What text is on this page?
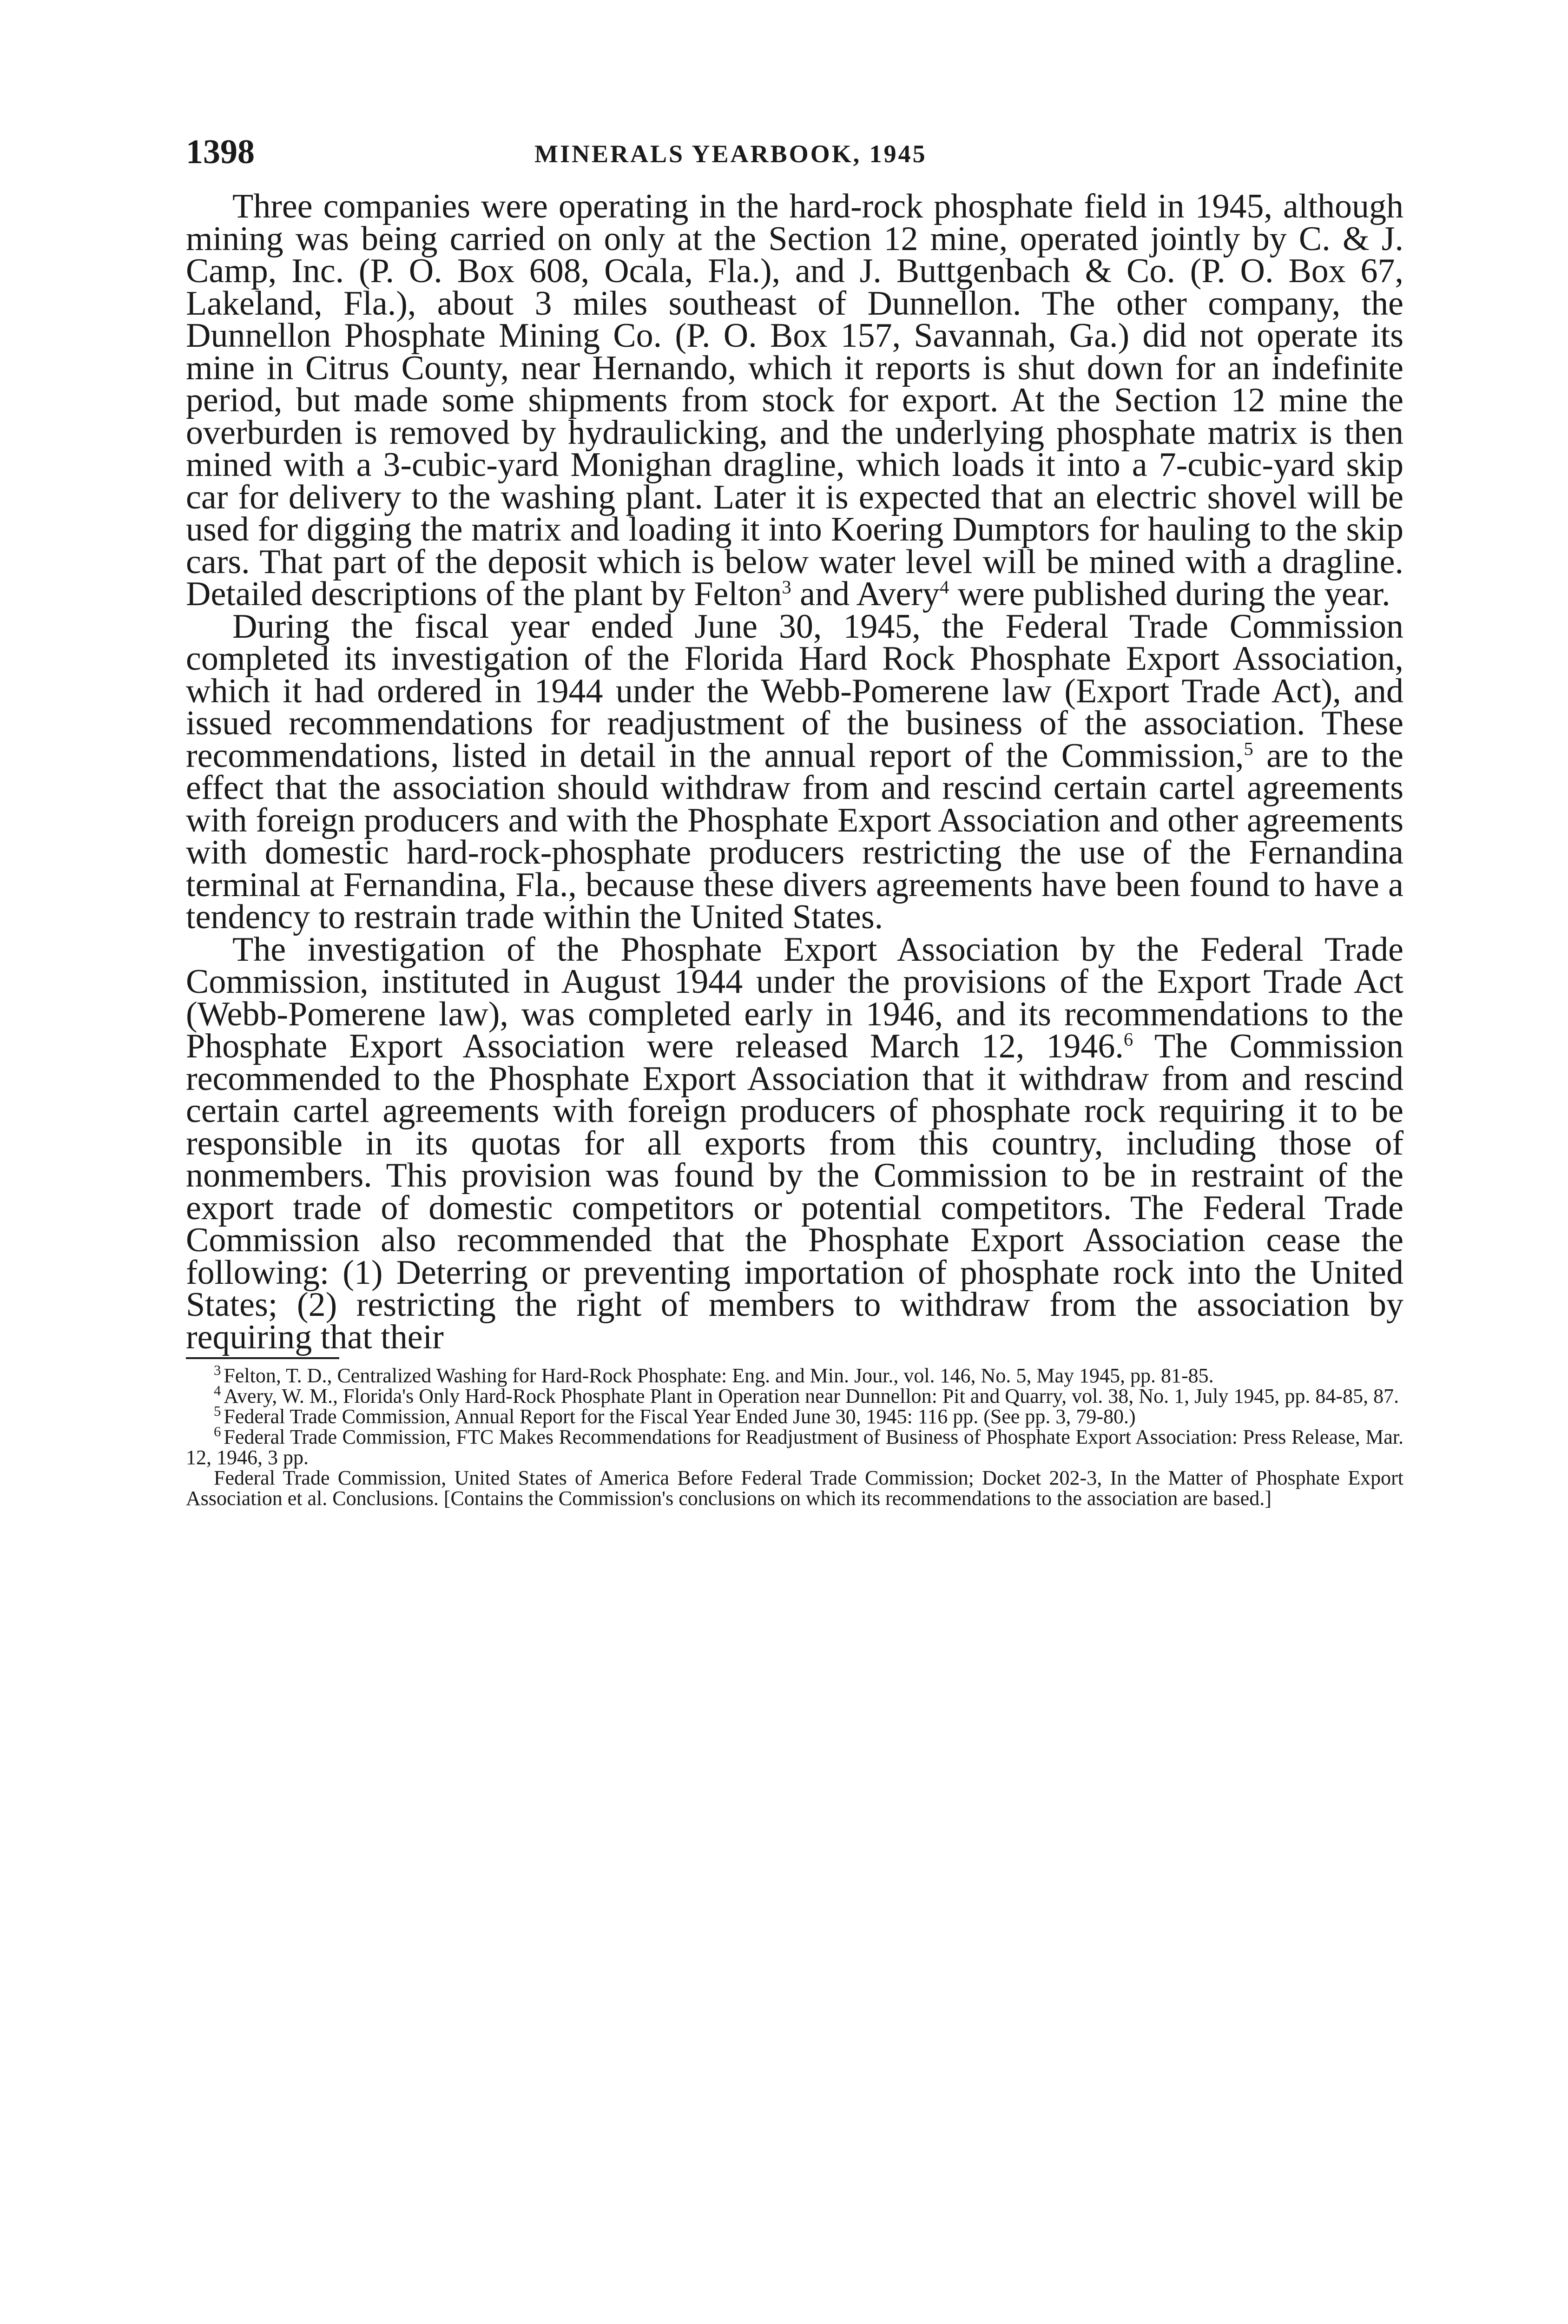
1398	MINERALS YEARBOOK, 1945

Three companies were operating in the hard-rock phosphate field in 1945, although mining was being carried on only at the Section 12 mine, operated jointly by C. & J. Camp, Inc. (P. O. Box 608, Ocala, Fla.), and J. Buttgenbach & Co. (P. O. Box 67, Lakeland, Fla.), about 3 miles southeast of Dunnellon. The other company, the Dunnellon Phosphate Mining Co. (P. O. Box 157, Savannah, Ga.) did not operate its mine in Citrus County, near Hernando, which it reports is shut down for an indefinite period, but made some shipments from stock for export. At the Section 12 mine the overburden is removed by hydraulicking, and the underlying phosphate matrix is then mined with a 3-cubic-yard Monighan dragline, which loads it into a 7-cubic-yard skip car for delivery to the washing plant. Later it is expected that an electric shovel will be used for digging the matrix and loading it into Koering Dumptors for hauling to the skip cars. That part of the deposit which is below water level will be mined with a dragline. Detailed descriptions of the plant by Felton$^3$ and Avery$^4$ were published during the year.

During the fiscal year ended June 30, 1945, the Federal Trade Commission completed its investigation of the Florida Hard Rock Phosphate Export Association, which it had ordered in 1944 under the Webb-Pomerene law (Export Trade Act), and issued recommendations for readjustment of the business of the association. These recommendations, listed in detail in the annual report of the Commission,$^5$ are to the effect that the association should withdraw from and rescind certain cartel agreements with foreign producers and with the Phosphate Export Association and other agreements with domestic hard-rock-phosphate producers restricting the use of the Fernandina terminal at Fernandina, Fla., because these divers agreements have been found to have a tendency to restrain trade within the United States.

The investigation of the Phosphate Export Association by the Federal Trade Commission, instituted in August 1944 under the provisions of the Export Trade Act (Webb-Pomerene law), was completed early in 1946, and its recommendations to the Phosphate Export Association were released March 12, 1946.$^6$ The Commission recommended to the Phosphate Export Association that it withdraw from and rescind certain cartel agreements with foreign producers of phosphate rock requiring it to be responsible in its quotas for all exports from this country, including those of nonmembers. This provision was found by the Commission to be in restraint of the export trade of domestic competitors or potential competitors. The Federal Trade Commission also recommended that the Phosphate Export Association cease the following: (1) Deterring or preventing importation of phosphate rock into the United States; (2) restricting the right of members to withdraw from the association by requiring that their

$^3$ Felton, T. D., Centralized Washing for Hard-Rock Phosphate: Eng. and Min. Jour., vol. 146, No. 5, May 1945, pp. 81-85.

$^4$ Avery, W. M., Florida's Only Hard-Rock Phosphate Plant in Operation near Dunnellon: Pit and Quarry, vol. 38, No. 1, July 1945, pp. 84-85, 87.

$^5$ Federal Trade Commission, Annual Report for the Fiscal Year Ended June 30, 1945: 116 pp. (See pp. 3, 79-80.)

$^6$ Federal Trade Commission, FTC Makes Recommendations for Readjustment of Business of Phosphate Export Association: Press Release, Mar. 12, 1946, 3 pp.

Federal Trade Commission, United States of America Before Federal Trade Commission; Docket 202-3, In the Matter of Phosphate Export Association et al. Conclusions. [Contains the Commission's conclusions on which its recommendations to the association are based.]
